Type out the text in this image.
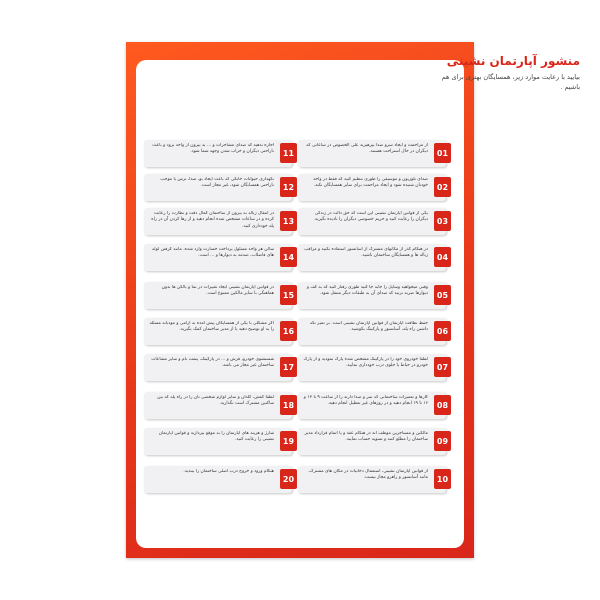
منشور آپارتمان نشینی

بیایید با رعایت موارد زیر، همسایگان بهتری برای هم باشیم .

01
از مزاحمت و ایجاد سرو صدا بپرهیزید علی الخصوص در ساعاتی که دیگران در حال استراحت هستند.
02
صدای تلوزیون و موسیقی را طوری تنظیم کنید که فقط در واحد خودتان شنیده شود و ایجاد مزاحمت برای سایر همسایگان نکند.
03
یکی از قوانین آپارتمان نشینی این است که حق دالت در زندگی دیگران را رعایت کنید و حریم خصوصی دیگران را نادیده نگیرید.
04
در هنگام گذر از مکانهای مشترک از اسانسور استفاده نکنید و مراقب زباله ها و همسایگان ساختمان باشید.
05
وقتی میخواهید وسایل را جابه جا کنید طوری رفتار کنید که به کف و دیوارها ضربه نزنید که صدای آن به طبقات دیگر منتقل شود.
06
حفظ نظافت آپارتمان از قوانین آپارتمان نشینی است. بر تمیز نگه داشتن راه پله، آسانسور و پارکینگ بکوشید.
07
لطفا خودروی خود را در پارکینگ مشخص شده پارک نمودید و از پارک خودرو در حیاط یا جلوی درب خودداری نمایید.
08
کارها و تعمیرات ساختمانی که سر و صدا دارند را از ساعت ۹ تا ۱۳ و ۱۶ تا ۱۹ انجام دهید و در روزهای غیر تعطیل انجام دهید.
09
مالکین و مستاجرین موظف اند در هنگام عقد و یا اتمام قرارداد مدیر ساختمان را مطلع کنند و تسویه حساب نمایند.
10
از قوانین آپارتمان نشینی، استعمال دخانیات در مکان های مشترک، مانند آسانسور و راهرو مجاز نیست.
11
اجازه ندهید که صدای مشاجرات و ... به بیرون از واحد برود و باعث ناراحتی دیگران و خراب شدن وجهه شما شود.
12
نگهداری حیوانات خانگی که باعث ایجاد بو، صدا، ترس یا موجب ناراحتی همسایگان شود، غیر مجاز است.
13
در انتقال زباله به بیرون از ساختمان کمال دقت و نظارت را رعایت کرده و در ساعات مشخص شده انجام دهید و از رها کردن آن در راه پله خودداری کنید.
14
سالن هر واحد مسئول پرداخت خسارت وارد شده، مانند گرفتن لوله های فاضلاب، صدمه به دیوارها و ... است.
15
در قوانین آپارتمان نشینی ایجاد تغییرات در نما و بالکن ها بدون هماهنگی با سایر مالکین ممنوع است.
16
اگر مشکلی با یکی از همسایگان پیش آمده به آرامی و مودبانه مسئله را به او توضیح دهید یا از مدیر ساختمان کمک بگیرید.
17
شستشوی خودرو، فرش و ... در پارکینگ، پشت بام و سایر مشاعات ساختمان غیر مجاز می باشد.
18
لطفا کفش، گلدان و سایر لوازم شخصی تان را در راه پله که بین ساکنین مشترک است نگذارید.
19
شارژ و هزینه های آپارتمان را به موقع بپردازید و قوانین آپارتمان نشینی را رعایت کنید.
20
هنگام ورود و خروج درب اصلی ساختمان را ببندید.
